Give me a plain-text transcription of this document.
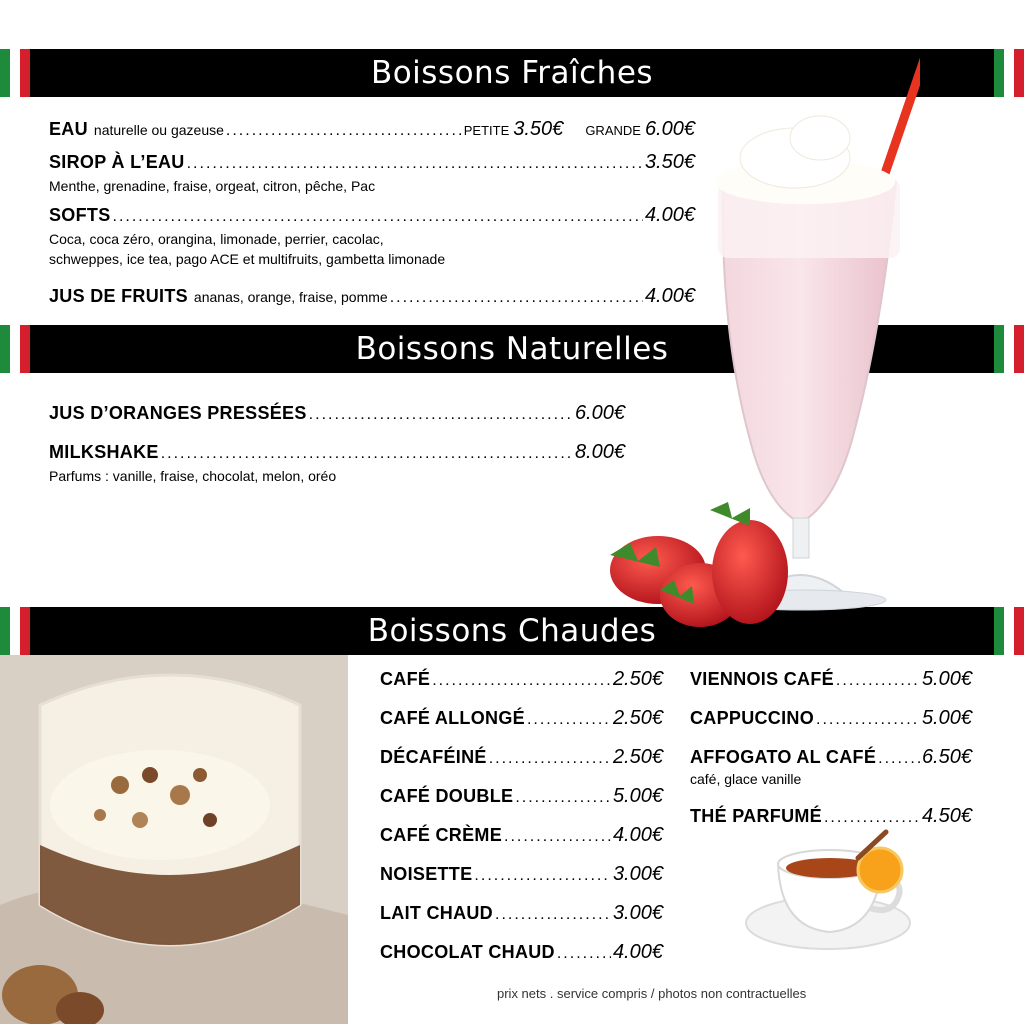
Boissons Fraîches
Boissons Naturelles
Boissons Chaudes
EAU naturelle ou gazeuse .....	PETITE 3.50€ GRANDE 6.00€
SIROP À L’EAU .....	3.50€
Menthe, grenadine, fraise, orgeat, citron, pêche, Pac
SOFTS .....	4.00€
Coca, coca zéro, orangina, limonade, perrier, cacolac,
schweppes, ice tea, pago ACE et multifruits, gambetta limonade
JUS DE FRUITS ananas, orange, fraise, pomme .....	4.00€
JUS D’ORANGES PRESSÉES .....	6.00€
MILKSHAKE .....	8.00€
Parfums : vanille, fraise, chocolat, melon, oréo
CAFÉ .....	2.50€
CAFÉ ALLONGÉ .....	2.50€
DÉCAFÉINÉ .....	2.50€
CAFÉ DOUBLE .....	5.00€
CAFÉ CRÈME .....	4.00€
NOISETTE .....	3.00€
LAIT CHAUD .....	3.00€
CHOCOLAT CHAUD .....	4.00€
VIENNOIS CAFÉ .....	5.00€
CAPPUCCINO .....	5.00€
AFFOGATO AL CAFÉ ..... 6.50€
café, glace vanille
THÉ PARFUMÉ .....	4.50€
prix nets . service compris / photos non contractuelles
